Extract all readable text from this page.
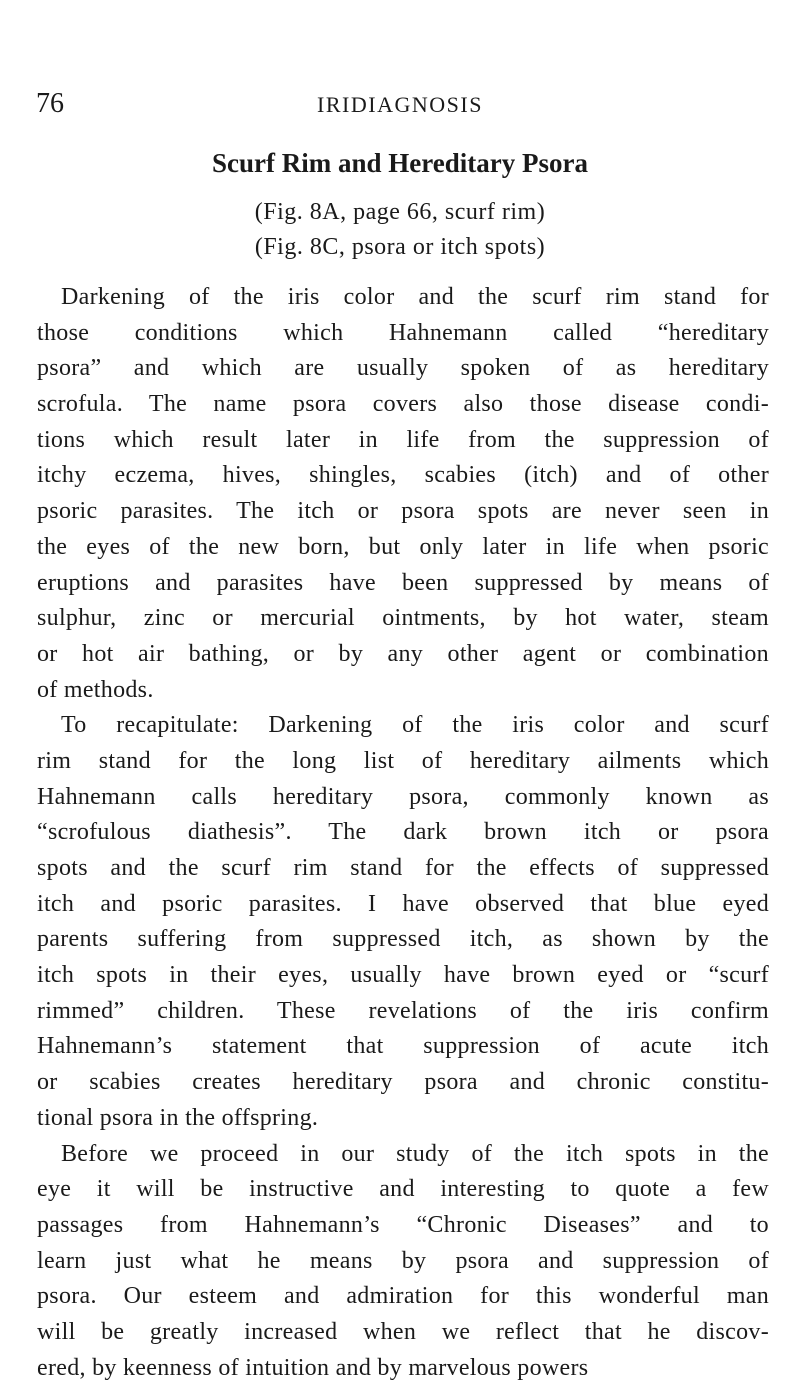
76	IRIDIAGNOSIS
Scurf Rim and Hereditary Psora
(Fig. 8A, page 66, scurf rim)
(Fig. 8C, psora or itch spots)
Darkening of the iris color and the scurf rim stand for
those conditions which Hahnemann called “hereditary
psora” and which are usually spoken of as hereditary
scrofula. The name psora covers also those disease condi-
tions which result later in life from the suppression of
itchy eczema, hives, shingles, scabies (itch) and of other
psoric parasites. The itch or psora spots are never seen in
the eyes of the new born, but only later in life when psoric
eruptions and parasites have been suppressed by means of
sulphur, zinc or mercurial ointments, by hot water, steam
or hot air bathing, or by any other agent or combination
of methods.
To recapitulate: Darkening of the iris color and scurf
rim stand for the long list of hereditary ailments which
Hahnemann calls hereditary psora, commonly known as
“scrofulous diathesis”. The dark brown itch or psora
spots and the scurf rim stand for the effects of suppressed
itch and psoric parasites. I have observed that blue eyed
parents suffering from suppressed itch, as shown by the
itch spots in their eyes, usually have brown eyed or “scurf
rimmed” children. These revelations of the iris confirm
Hahnemann’s statement that suppression of acute itch
or scabies creates hereditary psora and chronic constitu-
tional psora in the offspring.
Before we proceed in our study of the itch spots in the
eye it will be instructive and interesting to quote a few
passages from Hahnemann’s “Chronic Diseases” and to
learn just what he means by psora and suppression of
psora. Our esteem and admiration for this wonderful man
will be greatly increased when we reflect that he discov-
ered, by keenness of intuition and by marvelous powers
